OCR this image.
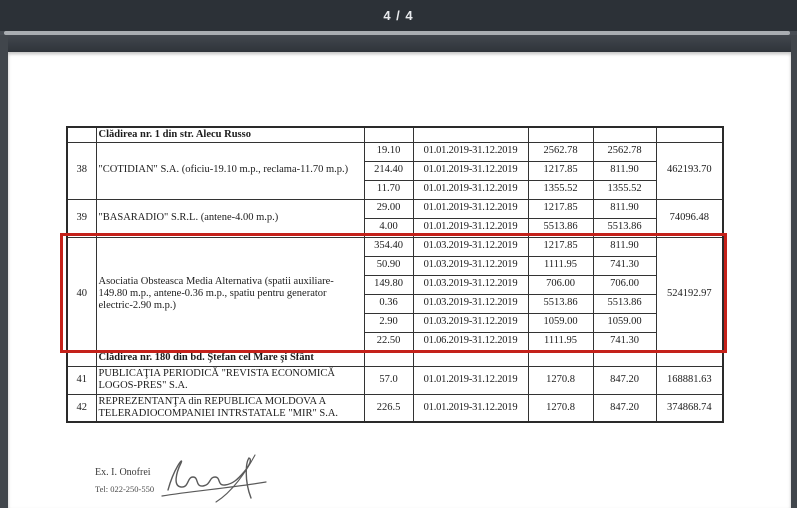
4 / 4
	Clădirea nr. 1 din str. Alecu Russo					
38	"COTIDIAN" S.A. (oficiu-19.10 m.p., reclama-11.70 m.p.)	19.10	01.01.2019-31.12.2019	2562.78	2562.78	462193.70
		214.40	01.01.2019-31.12.2019	1217.85	811.90	
		11.70	01.01.2019-31.12.2019	1355.52	1355.52	
39	"BASARADIO" S.R.L. (antene-4.00 m.p.)	29.00	01.01.2019-31.12.2019	1217.85	811.90	74096.48
		4.00	01.01.2019-31.12.2019	5513.86	5513.86	
40	Asociatia Obsteasca Media Alternativa (spatii auxiliare-149.80 m.p., antene-0.36 m.p., spatiu pentru generator electric-2.90 m.p.)	354.40	01.03.2019-31.12.2019	1217.85	811.90	524192.97
		50.90	01.03.2019-31.12.2019	1111.95	741.30	
		149.80	01.03.2019-31.12.2019	706.00	706.00	
		0.36	01.03.2019-31.12.2019	5513.86	5513.86	
		2.90	01.03.2019-31.12.2019	1059.00	1059.00	
		22.50	01.06.2019-31.12.2019	1111.95	741.30	
	Clădirea nr. 180 din bd. Ştefan cel Mare şi Sfânt					
41	PUBLICAŢIA PERIODICĂ "REVISTA ECONOMICĂ LOGOS-PRES" S.A.	57.0	01.01.2019-31.12.2019	1270.8	847.20	168881.63
42	REPREZENTANŢA din REPUBLICA MOLDOVA A TELERADIOCOMPANIEI INTRSTATALE "MIR" S.A.	226.5	01.01.2019-31.12.2019	1270.8	847.20	374868.74
Ex. I. Onofrei
Tel: 022-250-550
